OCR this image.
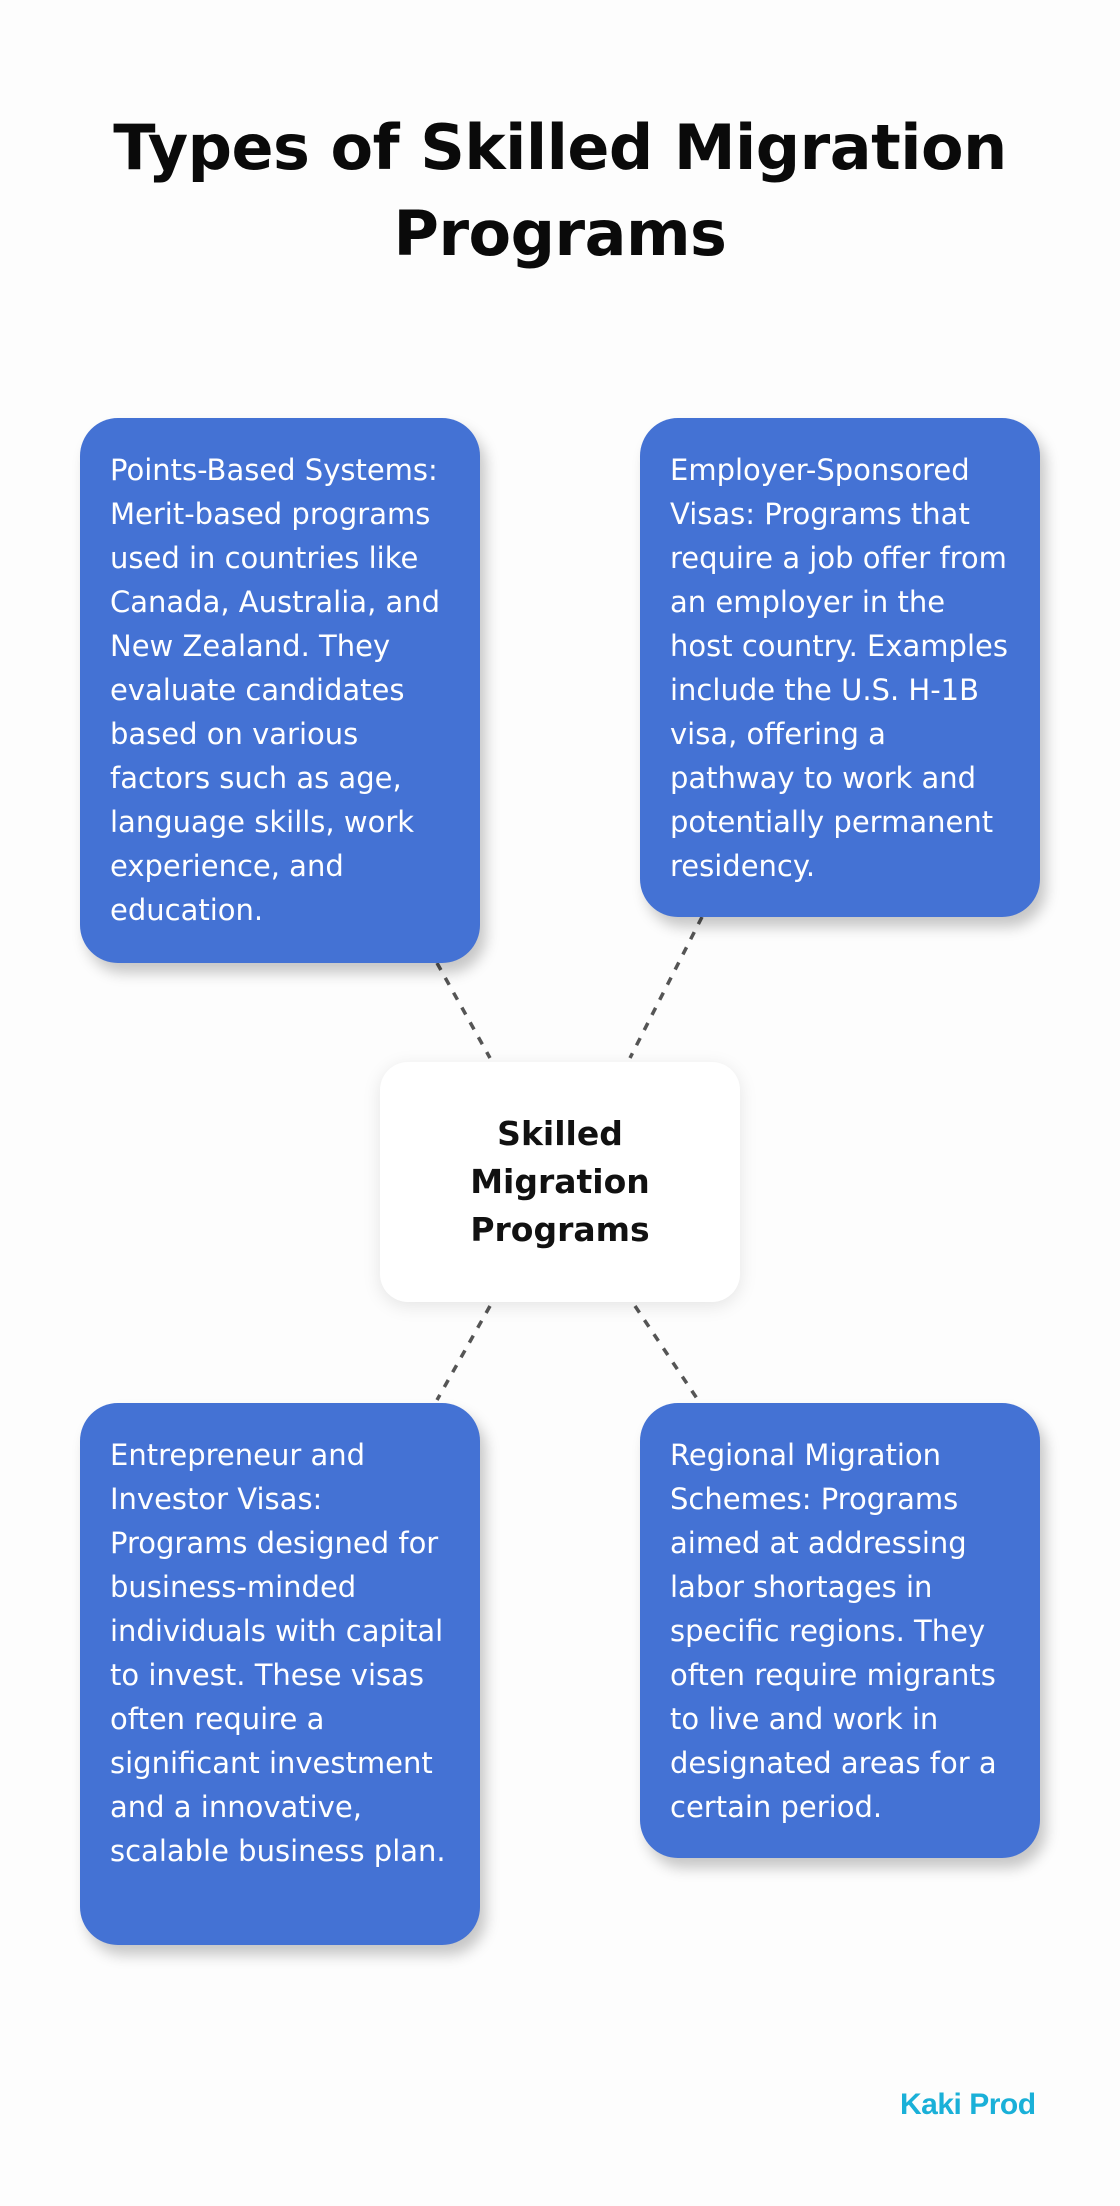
Types of Skilled Migration Programs
Points-Based Systems: Merit-based programs used in countries like Canada, Australia, and New Zealand. They evaluate candidates based on various factors such as age, language skills, work experience, and education.
Employer-Sponsored Visas: Programs that require a job offer from an employer in the host country. Examples include the U.S. H-1B visa, offering a pathway to work and potentially permanent residency.
Skilled Migration Programs
Entrepreneur and Investor Visas: Programs designed for business-minded individuals with capital to invest. These visas often require a significant investment and a innovative, scalable business plan.
Regional Migration Schemes: Programs aimed at addressing labor shortages in specific regions. They often require migrants to live and work in designated areas for a certain period.
Kaki Prod
